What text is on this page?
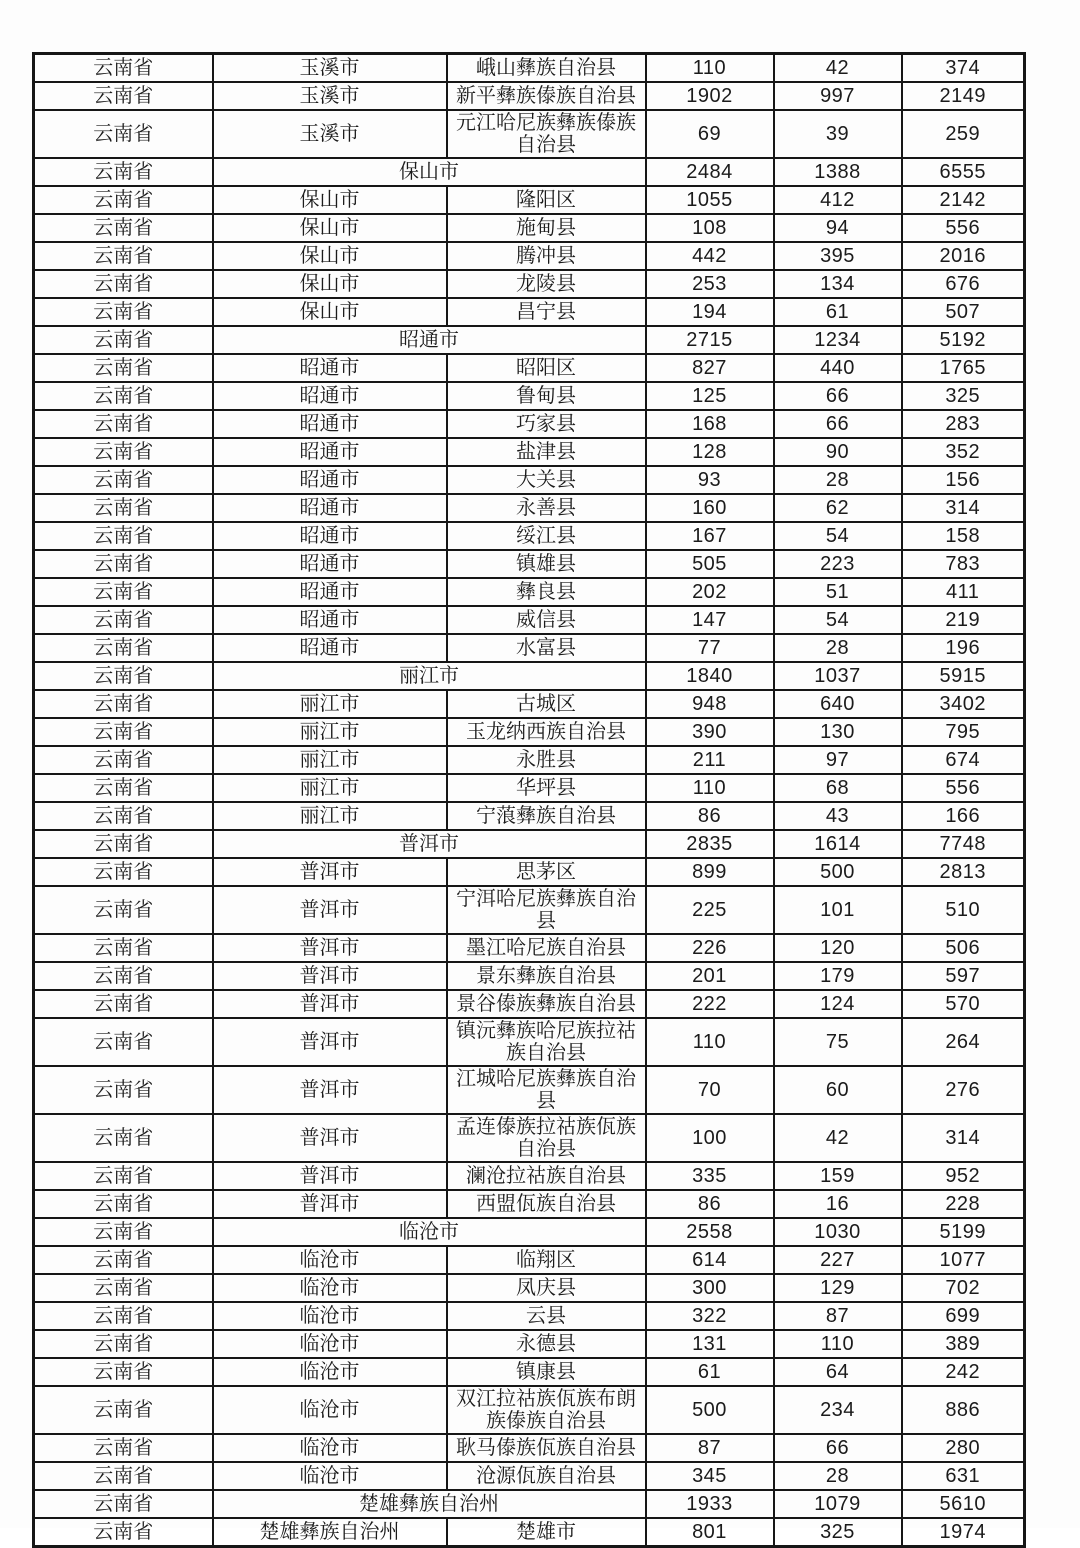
云南省	玉溪市	峨山彝族自治县	110	42	374
云南省	玉溪市	新平彝族傣族自治县	1902	997	2149
云南省	玉溪市	元江哈尼族彝族傣族自治县	69	39	259
云南省	保山市		2484	1388	6555
云南省	保山市	隆阳区	1055	412	2142
云南省	保山市	施甸县	108	94	556
云南省	保山市	腾冲县	442	395	2016
云南省	保山市	龙陵县	253	134	676
云南省	保山市	昌宁县	194	61	507
云南省	昭通市		2715	1234	5192
云南省	昭通市	昭阳区	827	440	1765
云南省	昭通市	鲁甸县	125	66	325
云南省	昭通市	巧家县	168	66	283
云南省	昭通市	盐津县	128	90	352
云南省	昭通市	大关县	93	28	156
云南省	昭通市	永善县	160	62	314
云南省	昭通市	绥江县	167	54	158
云南省	昭通市	镇雄县	505	223	783
云南省	昭通市	彝良县	202	51	411
云南省	昭通市	威信县	147	54	219
云南省	昭通市	水富县	77	28	196
云南省	丽江市		1840	1037	5915
云南省	丽江市	古城区	948	640	3402
云南省	丽江市	玉龙纳西族自治县	390	130	795
云南省	丽江市	永胜县	211	97	674
云南省	丽江市	华坪县	110	68	556
云南省	丽江市	宁蒗彝族自治县	86	43	166
云南省	普洱市		2835	1614	7748
云南省	普洱市	思茅区	899	500	2813
云南省	普洱市	宁洱哈尼族彝族自治县	225	101	510
云南省	普洱市	墨江哈尼族自治县	226	120	506
云南省	普洱市	景东彝族自治县	201	179	597
云南省	普洱市	景谷傣族彝族自治县	222	124	570
云南省	普洱市	镇沅彝族哈尼族拉祜族自治县	110	75	264
云南省	普洱市	江城哈尼族彝族自治县	70	60	276
云南省	普洱市	孟连傣族拉祜族佤族自治县	100	42	314
云南省	普洱市	澜沧拉祜族自治县	335	159	952
云南省	普洱市	西盟佤族自治县	86	16	228
云南省	临沧市		2558	1030	5199
云南省	临沧市	临翔区	614	227	1077
云南省	临沧市	凤庆县	300	129	702
云南省	临沧市	云县	322	87	699
云南省	临沧市	永德县	131	110	389
云南省	临沧市	镇康县	61	64	242
云南省	临沧市	双江拉祜族佤族布朗族傣族自治县	500	234	886
云南省	临沧市	耿马傣族佤族自治县	87	66	280
云南省	临沧市	沧源佤族自治县	345	28	631
云南省	楚雄彝族自治州		1933	1079	5610
云南省	楚雄彝族自治州	楚雄市	801	325	1974
